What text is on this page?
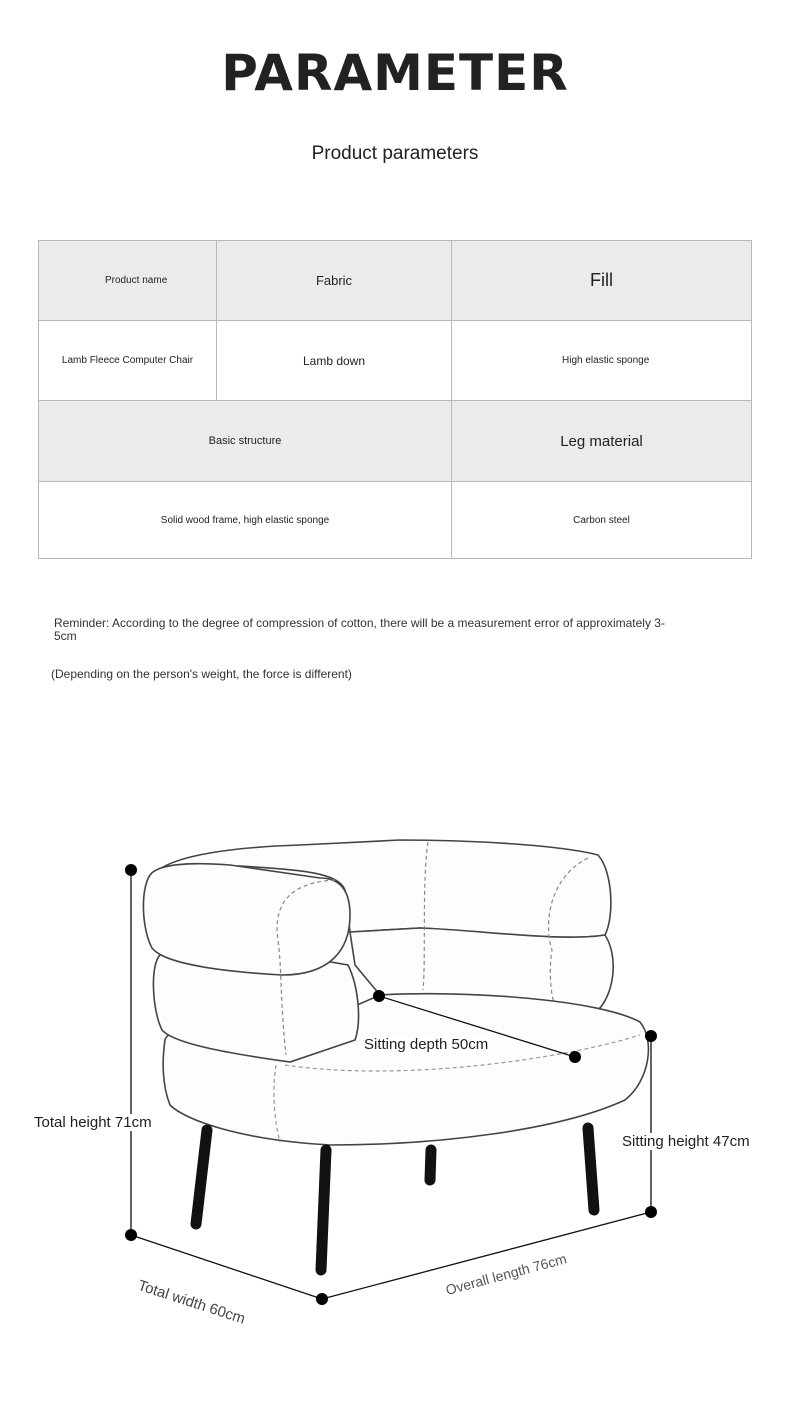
PARAMETER
Product parameters
Product name	Fabric	Fill
Lamb Fleece Computer Chair	Lamb down	High elastic sponge
Basic structure		Leg material
Solid wood frame, high elastic sponge		Carbon steel
Reminder: According to the degree of compression of cotton, there will be a measurement error of approximately 3-5cm
(Depending on the person's weight, the force is different)
Sitting depth 50cm
Total height 71cm
Sitting height 47cm
Total width 60cm
Overall length 76cm
